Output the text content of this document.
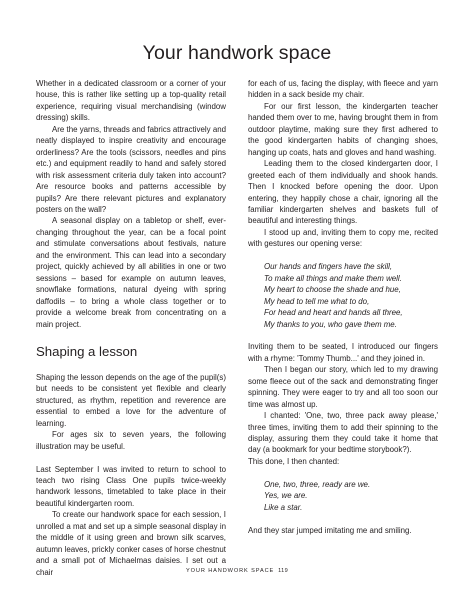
Your handwork space

Whether in a dedicated classroom or a corner of your house, this is rather like setting up a top-quality retail experience, requiring visual merchandising (window dressing) skills.

Are the yarns, threads and fabrics attractively and neatly displayed to inspire creativity and encourage orderliness? Are the tools (scissors, needles and pins etc.) and equipment readily to hand and safely stored with risk assessment criteria duly taken into account? Are resource books and patterns accessible by pupils? Are there relevant pictures and explanatory posters on the wall?

A seasonal display on a tabletop or shelf, ever-changing throughout the year, can be a focal point and stimulate conversations about festivals, nature and the environment. This can lead into a secondary project, quickly achieved by all abilities in one or two sessions – based for example on autumn leaves, snowflake formations, natural dyeing with spring daffodils – to bring a whole class together or to provide a welcome break from concentrating on a main project.

Shaping a lesson

Shaping the lesson depends on the age of the pupil(s) but needs to be consistent yet flexible and clearly structured, as rhythm, repetition and reverence are essential to embed a love for the adventure of learning.

For ages six to seven years, the following illustration may be useful.

Last September I was invited to return to school to teach two rising Class One pupils twice-weekly handwork lessons, timetabled to take place in their beautiful kindergarten room.

To create our handwork space for each session, I unrolled a mat and set up a simple seasonal display in the middle of it using green and brown silk scarves, autumn leaves, prickly conker cases of horse chestnut and a small pot of Michaelmas daisies. I set out a chair

for each of us, facing the display, with fleece and yarn hidden in a sack beside my chair.

For our first lesson, the kindergarten teacher handed them over to me, having brought them in from outdoor playtime, making sure they first adhered to the good kindergarten habits of changing shoes, hanging up coats, hats and gloves and hand washing.

Leading them to the closed kindergarten door, I greeted each of them individually and shook hands. Then I knocked before opening the door. Upon entering, they happily chose a chair, ignoring all the familiar kindergarten shelves and baskets full of beautiful and interesting things.

I stood up and, inviting them to copy me, recited with gestures our opening verse:

Our hands and fingers have the skill,
To make all things and make them well.
My heart to choose the shade and hue,
My head to tell me what to do,
For head and heart and hands all three,
My thanks to you, who gave them me.

Inviting them to be seated, I introduced our fingers with a rhyme: 'Tommy Thumb...' and they joined in.

Then I began our story, which led to my drawing some fleece out of the sack and demonstrating finger spinning. They were eager to try and all too soon our time was almost up.

I chanted: 'One, two, three pack away please,' three times, inviting them to add their spinning to the display, assuring them they could take it home that day (a bookmark for your bedtime storybook?).

This done, I then chanted:

One, two, three, ready are we.
Yes, we are.
Like a star.

And they star jumped imitating me and smiling.

YOUR HANDWORK SPACE 119
